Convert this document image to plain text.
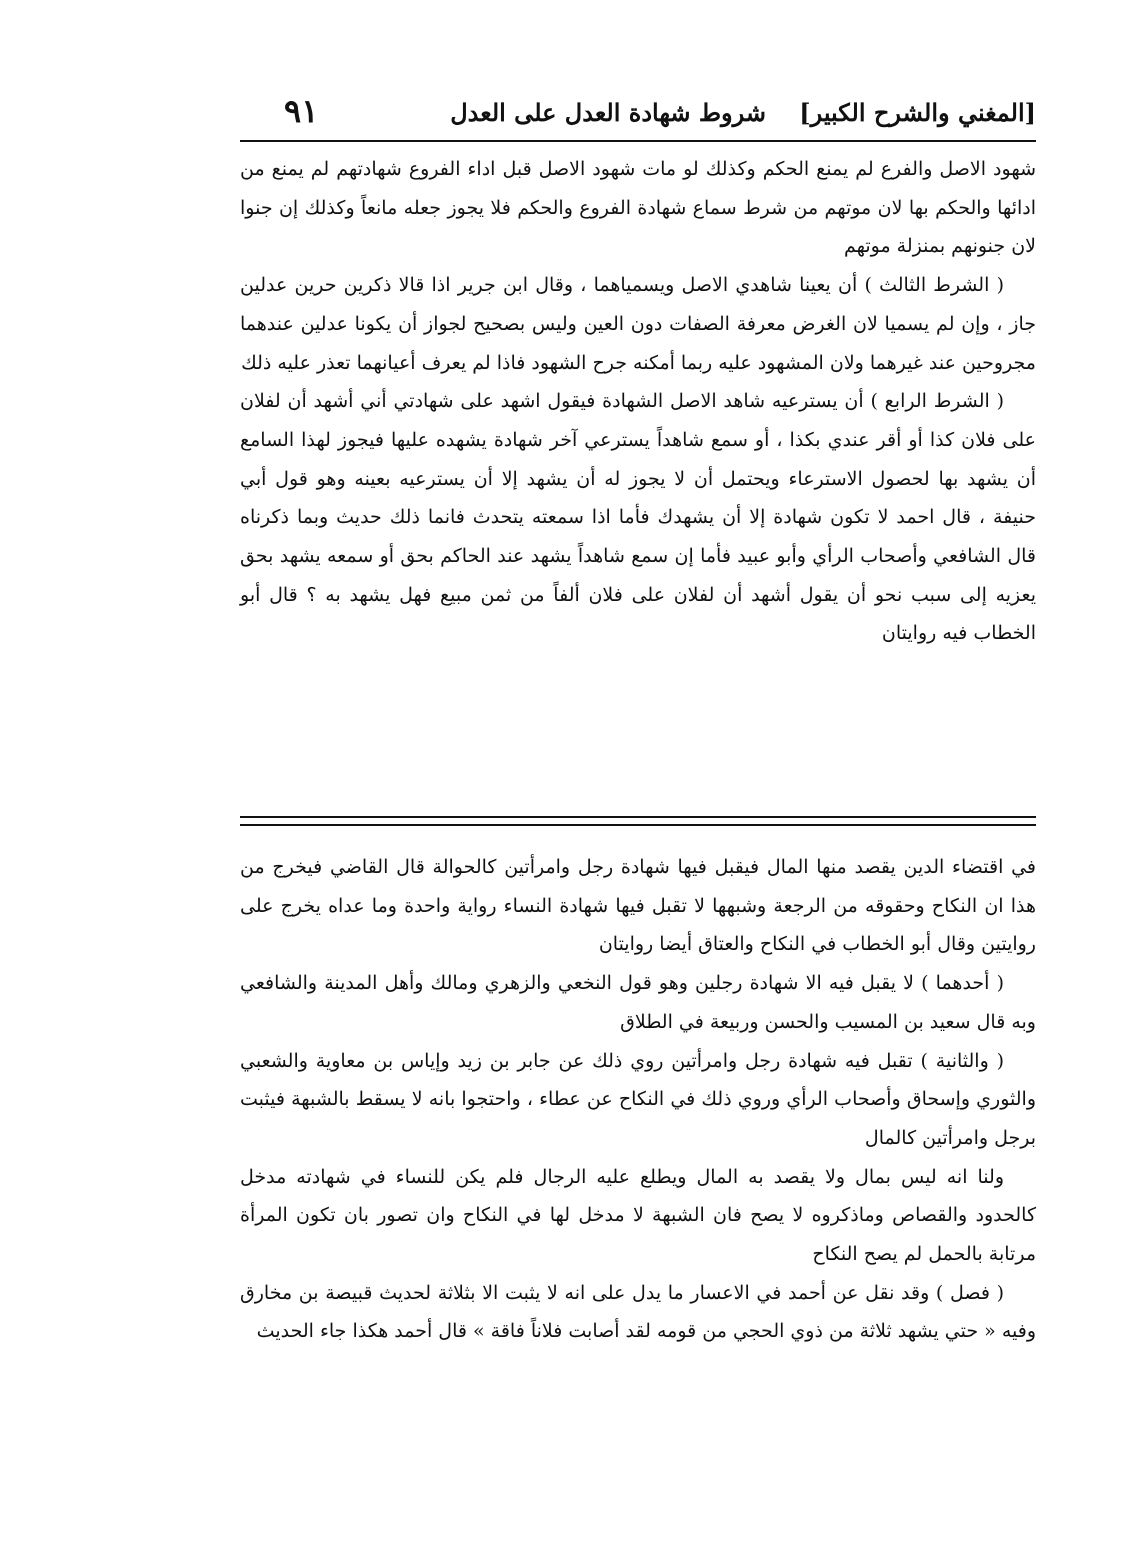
[المغني والشرح الكبير]
شروط شهادة العدل على العدل
٩١

شهود الاصل والفرع لم يمنع الحكم وكذلك لو مات شهود الاصل قبل اداء الفروع شهادتهم لم يمنع من ادائها والحكم بها لان موتهم من شرط سماع شهادة الفروع والحكم فلا يجوز جعله مانعاً وكذلك إن جنوا لان جنونهم بمنزلة موتهم

( الشرط الثالث ) أن يعينا شاهدي الاصل ويسمياهما ، وقال ابن جرير اذا قالا ذكرين حرين عدلين جاز ، وإن لم يسميا لان الغرض معرفة الصفات دون العين وليس بصحيح لجواز أن يكونا عدلين عندهما مجروحين عند غيرهما ولان المشهود عليه ربما أمكنه جرح الشهود فاذا لم يعرف أعيانهما تعذر عليه ذلك

( الشرط الرابع ) أن يسترعيه شاهد الاصل الشهادة فيقول اشهد على شهادتي أني أشهد أن لفلان على فلان كذا أو أقر عندي بكذا ، أو سمع شاهداً يسترعي آخر شهادة يشهده عليها فيجوز لهذا السامع أن يشهد بها لحصول الاسترعاء ويحتمل أن لا يجوز له أن يشهد إلا أن يسترعيه بعينه وهو قول أبي حنيفة ، قال احمد لا تكون شهادة إلا أن يشهدك فأما اذا سمعته يتحدث فانما ذلك حديث وبما ذكرناه قال الشافعي وأصحاب الرأي وأبو عبيد فأما إن سمع شاهداً يشهد عند الحاكم بحق أو سمعه يشهد بحق يعزيه إلى سبب نحو أن يقول أشهد أن لفلان على فلان ألفاً من ثمن مبيع فهل يشهد به ؟ قال أبو الخطاب فيه روايتان

في اقتضاء الدين يقصد منها المال فيقبل فيها شهادة رجل وامرأتين كالحوالة قال القاضي فيخرج من هذا ان النكاح وحقوقه من الرجعة وشبهها لا تقبل فيها شهادة النساء رواية واحدة وما عداه يخرج على روايتين وقال أبو الخطاب في النكاح والعتاق أيضا روايتان

( أحدهما ) لا يقبل فيه الا شهادة رجلين وهو قول النخعي والزهري ومالك وأهل المدينة والشافعي وبه قال سعيد بن المسيب والحسن وربيعة في الطلاق

( والثانية ) تقبل فيه شهادة رجل وامرأتين روي ذلك عن جابر بن زيد وإياس بن معاوية والشعبي والثوري وإسحاق وأصحاب الرأي وروي ذلك في النكاح عن عطاء ، واحتجوا بانه لا يسقط بالشبهة فيثبت برجل وامرأتين كالمال

ولنا انه ليس بمال ولا يقصد به المال ويطلع عليه الرجال فلم يكن للنساء في شهادته مدخل كالحدود والقصاص وماذكروه لا يصح فان الشبهة لا مدخل لها في النكاح وان تصور بان تكون المرأة مرتابة بالحمل لم يصح النكاح

( فصل ) وقد نقل عن أحمد في الاعسار ما يدل على انه لا يثبت الا بثلاثة لحديث قبيصة بن مخارق وفيه « حتي يشهد ثلاثة من ذوي الحجي من قومه لقد أصابت فلاناً فاقة » قال أحمد هكذا جاء الحديث
